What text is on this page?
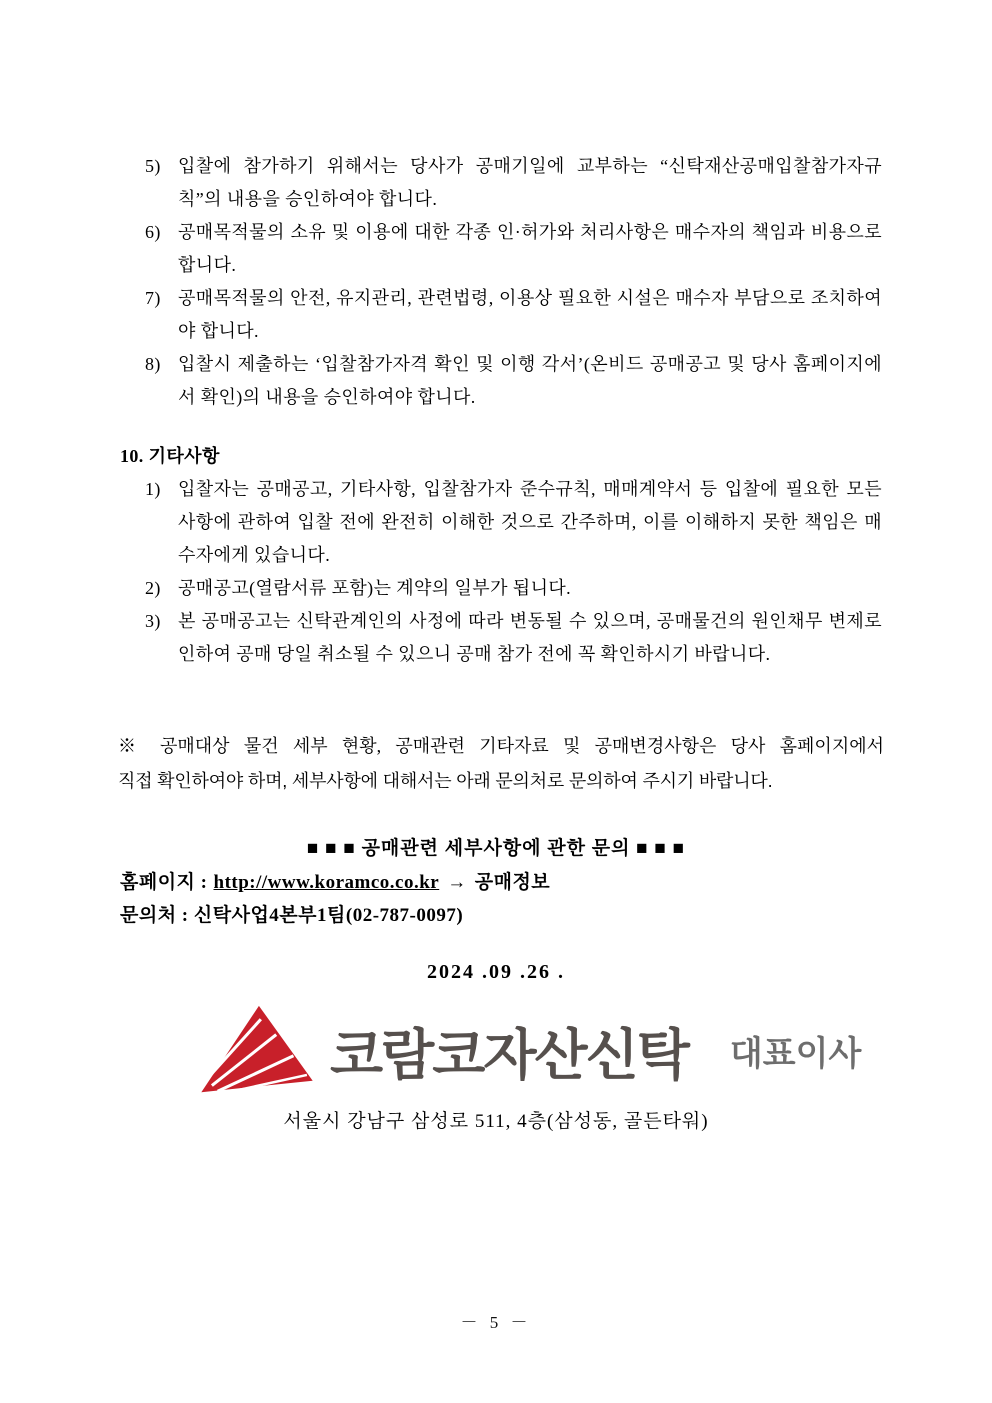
5) 입찰에 참가하기 위해서는 당사가 공매기일에 교부하는 “신탁재산공매입찰참가자규칙”의 내용을 승인하여야 합니다.
6) 공매목적물의 소유 및 이용에 대한 각종 인·허가와 처리사항은 매수자의 책임과 비용으로 합니다.
7) 공매목적물의 안전, 유지관리, 관련법령, 이용상 필요한 시설은 매수자 부담으로 조치하여야 합니다.
8) 입찰시 제출하는 ‘입찰참가자격 확인 및 이행 각서’(온비드 공매공고 및 당사 홈페이지에서 확인)의 내용을 승인하여야 합니다.
10. 기타사항
1) 입찰자는 공매공고, 기타사항, 입찰참가자 준수규칙, 매매계약서 등 입찰에 필요한 모든 사항에 관하여 입찰 전에 완전히 이해한 것으로 간주하며, 이를 이해하지 못한 책임은 매수자에게 있습니다.
2) 공매공고(열람서류 포함)는 계약의 일부가 됩니다.
3) 본 공매공고는 신탁관계인의 사정에 따라 변동될 수 있으며, 공매물건의 원인채무 변제로 인하여 공매 당일 취소될 수 있으니 공매 참가 전에 꼭 확인하시기 바랍니다.
※ 공매대상 물건 세부 현황, 공매관련 기타자료 및 공매변경사항은 당사 홈페이지에서
직접 확인하여야 하며, 세부사항에 대해서는 아래 문의처로 문의하여 주시기 바랍니다.
■ ■ ■ 공매관련 세부사항에 관한 문의 ■ ■ ■
홈페이지 : http://www.koramco.co.kr → 공매정보
문의처 : 신탁사업4본부1팀(02-787-0097)
2024 .09 .26 .
코람코자산신탁 대표이사
서울시 강남구 삼성로 511, 4층(삼성동, 골든타워)
－ 5 －
